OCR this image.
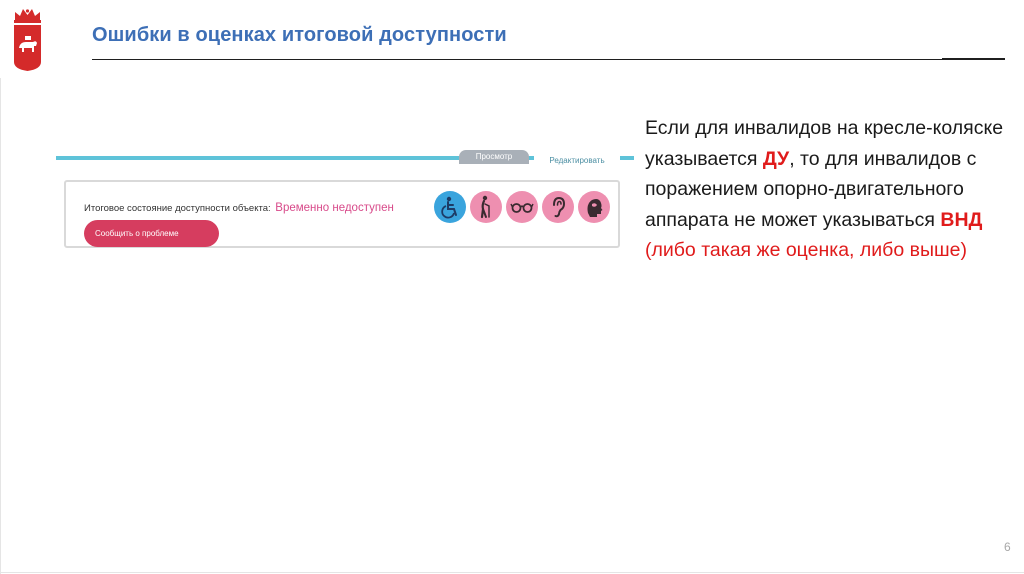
Ошибки в оценках итоговой доступности
Просмотр	Редактировать
Итоговое состояние доступности объекта: Временно недоступен
Сообщить о проблеме
Если для инвалидов на кресле-коляске указывается ДУ, то для инвалидов с поражением опорно-двигательного аппарата не может указываться ВНД
(либо такая же оценка, либо выше)
6
